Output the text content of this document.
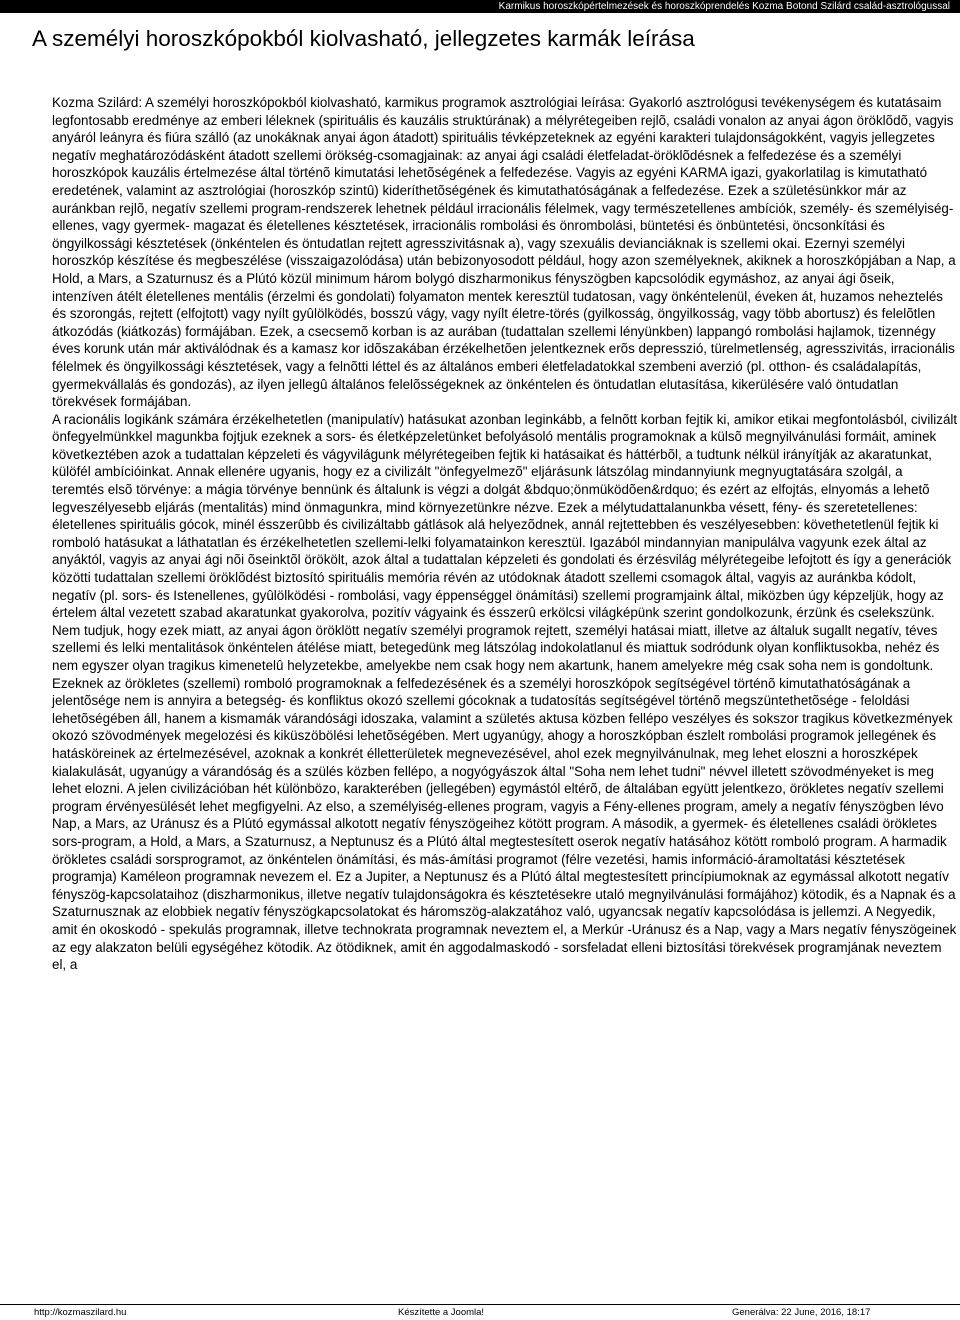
Karmikus horoszkópértelmezések és horoszkóprendelés Kozma Botond Szilárd család-asztrológussal
A személyi horoszkópokból kiolvasható, jellegzetes karmák leírása

Kozma Szilárd: A személyi horoszkópokból kiolvasható, karmikus programok asztrológiai leírása: Gyakorló asztrológusi tevékenységem és kutatásaim legfontosabb eredménye az emberi léleknek (spirituális és kauzális struktúrának) a mélyrétegeiben rejlõ, családi vonalon az anyai ágon öröklõdõ, vagyis anyáról leányra és fiúra szálló (az unokáknak anyai ágon átadott) spirituális tévképzeteknek az egyéni karakteri tulajdonságokként, vagyis jellegzetes negatív meghatározódásként átadott szellemi örökség-csomagjainak: az anyai ági családi életfeladat-öröklõdésnek a felfedezése és a személyi horoszkópok kauzális értelmezése által történõ kimutatási lehetõségének a felfedezése. Vagyis az egyéni KARMA igazi, gyakorlatilag is kimutatható eredetének, valamint az asztrológiai (horoszkóp szintû) kideríthetõségének és kimutathatóságának a felfedezése. Ezek a születésünkkor már az auránkban rejlõ, negatív szellemi program-rendszerek lehetnek például irracionális félelmek, vagy természetellenes ambíciók, személy- és személyiség-ellenes, vagy gyermek- magazat és életellenes késztetések, irracionális rombolási és önrombolási, büntetési és önbüntetési, öncsonkítási és öngyilkossági késztetések (önkéntelen és öntudatlan rejtett agresszivitásnak a), vagy szexuális devianciáknak is szellemi okai. Ezernyi személyi horoszkóp készítése és megbeszélése (visszaigazolódása) után bebizonyosodott például, hogy azon személyeknek, akiknek a horoszkópjában a Nap, a Hold, a Mars, a Szaturnusz és a Plútó közül minimum három bolygó diszharmonikus fényszögben kapcsolódik egymáshoz, az anyai ági õseik, intenzíven átélt életellenes mentális (érzelmi és gondolati) folyamaton mentek keresztül tudatosan, vagy önkéntelenül, éveken át, huzamos neheztelés és szorongás, rejtett (elfojtott) vagy nyílt gyûlölködés, bosszú vágy, vagy nyílt életre-törés (gyilkosság, öngyilkosság, vagy több abortusz) és felelõtlen átkozódás (kiátkozás) formájában. Ezek, a csecsemõ korban is az aurában (tudattalan szellemi lényünkben) lappangó rombolási hajlamok, tizennégy éves korunk után már aktiválódnak és a kamasz kor idõszakában érzékelhetõen jelentkeznek erõs depresszió, türelmetlenség, agresszivitás, irracionális félelmek és öngyilkossági késztetések, vagy a felnõtti léttel és az általános emberi életfeladatokkal szembeni averzió (pl. otthon- és családalapítás, gyermekvállalás és gondozás), az ilyen jellegû általános felelõsségeknek az önkéntelen és öntudatlan elutasítása, kikerülésére való öntudatlan törekvések formájában.

A racionális logikánk számára érzékelhetetlen (manipulatív) hatásukat azonban leginkább, a felnõtt korban fejtik ki, amikor etikai megfontolásból, civilizált önfegyelmünkkel magunkba fojtjuk ezeknek a sors- és életképzeletünket befolyásoló mentális programoknak a külsõ megnyilvánulási formáit, aminek következtében azok a tudattalan képzeleti és vágyvilágunk mélyrétegeiben fejtik ki hatásaikat és háttérbõl, a tudtunk nélkül irányítják az akaratunkat, külöfél ambícióinkat. Annak ellenére ugyanis, hogy ez a civilizált "önfegyelmezõ" eljárásunk látszólag mindannyiunk megnyugtatására szolgál, a teremtés elsõ törvénye: a mágia törvénye bennünk és általunk is végzi a dolgát &bdquo;önmüködõen&rdquo; és ezért az elfojtás, elnyomás a lehetõ legveszélyesebb eljárás (mentalitás) mind önmagunkra, mind környezetünkre nézve. Ezek a mélytudattalanunkba vésett, fény- és szeretetellenes: életellenes spirituális gócok, minél ésszerûbb és civilizáltabb gátlások alá helyezõdnek, annál rejtettebben és veszélyesebben: követhetetlenül fejtik ki romboló hatásukat a láthatatlan és érzékelhetetlen szellemi-lelki folyamatainkon keresztül. Igazából mindannyian manipulálva vagyunk ezek által az anyáktól, vagyis az anyai ági nõi õseinktõl örökölt, azok által a tudattalan képzeleti és gondolati és érzésvilág mélyrétegeibe lefojtott és így a generációk közötti tudattalan szellemi öröklõdést biztosító spirituális memória révén az utódoknak átadott szellemi csomagok által, vagyis az auránkba kódolt, negatív (pl. sors- és Istenellenes, gyûlölködési - rombolási, vagy éppenséggel önámítási) szellemi programjaink által, miközben úgy képzeljük, hogy az értelem által vezetett szabad akaratunkat gyakorolva, pozitív vágyaink és ésszerû erkölcsi világképünk szerint gondolkozunk, érzünk és cselekszünk. Nem tudjuk, hogy ezek miatt, az anyai ágon öröklött negatív személyi programok rejtett, személyi hatásai miatt, illetve az általuk sugallt negatív, téves szellemi és lelki mentalitások önkéntelen átélése miatt, betegedünk meg látszólag indokolatlanul és miattuk sodródunk olyan konfliktusokba, nehéz és nem egyszer olyan tragikus kimenetelû helyzetekbe, amelyekbe nem csak hogy nem akartunk, hanem amelyekre még csak soha nem is gondoltunk. Ezeknek az örökletes (szellemi) romboló programoknak a felfedezésének és a személyi horoszkópok segítségével történõ kimutathatóságának a jelentõsége nem is annyira a betegség- és konfliktus okozó szellemi gócoknak a tudatosítás segítségével történõ megszüntethetõsége - feloldási lehetõségében áll, hanem a kismamák várandósági idoszaka, valamint a születés aktusa közben fellépo veszélyes és sokszor tragikus következmények okozó szövodmények megelozési és kiküszöbölési lehetõségében. Mert ugyanúgy, ahogy a horoszkópban észlelt rombolási programok jellegének és hatásköreinek az értelmezésével, azoknak a konkrét élletterületek megnevezésével, ahol ezek megnyilvánulnak, meg lehet eloszni a horoszképek kialakulását, ugyanúgy a várandóság és a szülés közben fellépo, a nogyógyászok által "Soha nem lehet tudni" névvel illetett szövodményeket is meg lehet elozni. A jelen civilizációban hét különbözo, karakterében (jellegében) egymástól eltérõ, de általában együtt jelentkezo, örökletes negatív szellemi program érvényesülését lehet megfigyelni. Az elso, a személyiség-ellenes program, vagyis a Fény-ellenes program, amely a negatív fényszögben lévo Nap, a Mars, az Uránusz és a Plútó egymással alkotott negatív fényszögeihez kötött program. A második, a gyermek- és életellenes családi örökletes sors-program, a Hold, a Mars, a Szaturnusz, a Neptunusz és a Plútó által megtestesített oserok negatív hatásához kötött romboló program. A harmadik örökletes családi sorsprogramot, az önkéntelen önámítási, és más-ámítási programot (félre vezetési, hamis információ-áramoltatási késztetések programja) Kaméleon programnak nevezem el. Ez a Jupiter, a Neptunusz és a Plútó által megtestesített princípiumoknak az egymással alkotott negatív fényszög-kapcsolataihoz (diszharmonikus, illetve negatív tulajdonságokra és késztetésekre utaló megnyilvánulási formájához) kötodik, és a Napnak és a Szaturnusznak az elobbiek negatív fényszögkapcsolatokat és háromszög-alakzatához való, ugyancsak negatív kapcsolódása is jellemzi. A Negyedik, amit én okoskodó - spekulás programnak, illetve technokrata programnak neveztem el, a Merkúr -Uránusz és a Nap, vagy a Mars negatív fényszögeinek az egy alakzaton belüli egységéhez kötodik. Az ötödiknek, amit én aggodalmaskodó - sorsfeladat elleni biztosítási törekvések programjának neveztem el, a

http://kozmaszilard.hu	Készítette a Joomla!	Generálva: 22 June, 2016, 18:17
